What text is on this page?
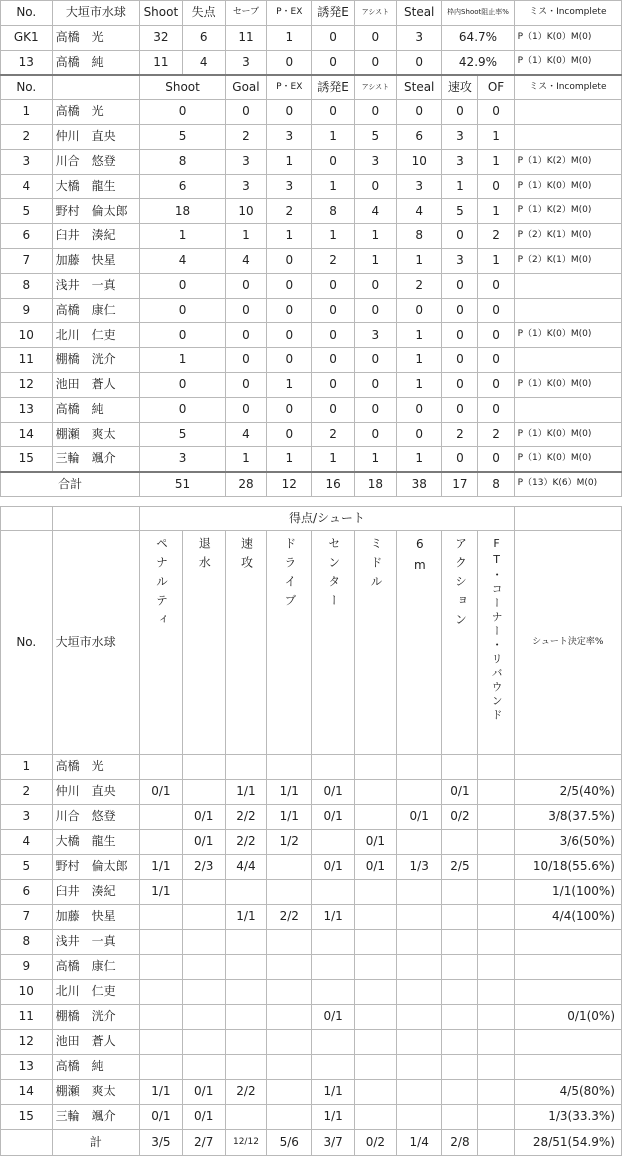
No.	大垣市水球	Shoot	失点	セーブ	P・EX	誘発E	アシスト	Steal	枠内Shoot阻止率%		ミス・Incomplete
GK1	高橋　光	32	6	11	1	0	0	3	64.7%		P（1）K(0）M(0)
13	高橋　純	11	4	3	0	0	0	0	42.9%		P（1）K(0）M(0)
No.		Shoot		Goal	P・EX	誘発E	アシスト	Steal	速攻	OF	ミス・Incomplete
1	高橋　光	0		0	0	0	0	0	0	0	
2	仲川　直央	5		2	3	1	5	6	3	1	
3	川合　悠登	8		3	1	0	3	10	3	1	P（1）K(2）M(0)
4	大橋　龍生	6		3	3	1	0	3	1	0	P（1）K(0）M(0)
5	野村　倫太郎	18		10	2	8	4	4	5	1	P（1）K(2）M(0)
6	臼井　湊紀	1		1	1	1	1	8	0	2	P（2）K(1）M(0)
7	加藤　快星	4		4	0	2	1	1	3	1	P（2）K(1）M(0)
8	浅井　一真	0		0	0	0	0	2	0	0	
9	高橋　康仁	0		0	0	0	0	0	0	0	
10	北川　仁吏	0		0	0	0	3	1	0	0	P（1）K(0）M(0)
11	棚橋　洸介	1		0	0	0	0	1	0	0	
12	池田　蒼人	0		0	1	0	0	1	0	0	P（1）K(0）M(0)
13	高橋　純	0		0	0	0	0	0	0	0	
14	棚瀬　爽太	5		4	0	2	0	0	2	2	P（1）K(0）M(0)
15	三輪　颯介	3		1	1	1	1	1	0	0	P（1）K(0）M(0)
合計		51		28	12	16	18	38	17	8	P（13）K(6）M(0)
		得点/シュート									
No.	大垣市水球	ペナルティ	退水	速攻	ドライブ	センター	ミドル	6m	アクション	FT・コーナー・リバウンド	シュート決定率%
1	高橋　光										
2	仲川　直央	0/1		1/1	1/1	0/1			0/1		2/5(40%)
3	川合　悠登		0/1	2/2	1/1	0/1		0/1	0/2		3/8(37.5%)
4	大橋　龍生		0/1	2/2	1/2		0/1				3/6(50%)
5	野村　倫太郎	1/1	2/3	4/4		0/1	0/1	1/3	2/5		10/18(55.6%)
6	臼井　湊紀	1/1									1/1(100%)
7	加藤　快星			1/1	2/2	1/1					4/4(100%)
8	浅井　一真										
9	高橋　康仁										
10	北川　仁吏										
11	棚橋　洸介					0/1					0/1(0%)
12	池田　蒼人										
13	高橋　純										
14	棚瀬　爽太	1/1	0/1	2/2		1/1					4/5(80%)
15	三輪　颯介	0/1	0/1			1/1					1/3(33.3%)
	計	3/5	2/7	12/12	5/6	3/7	0/2	1/4	2/8		28/51(54.9%)
